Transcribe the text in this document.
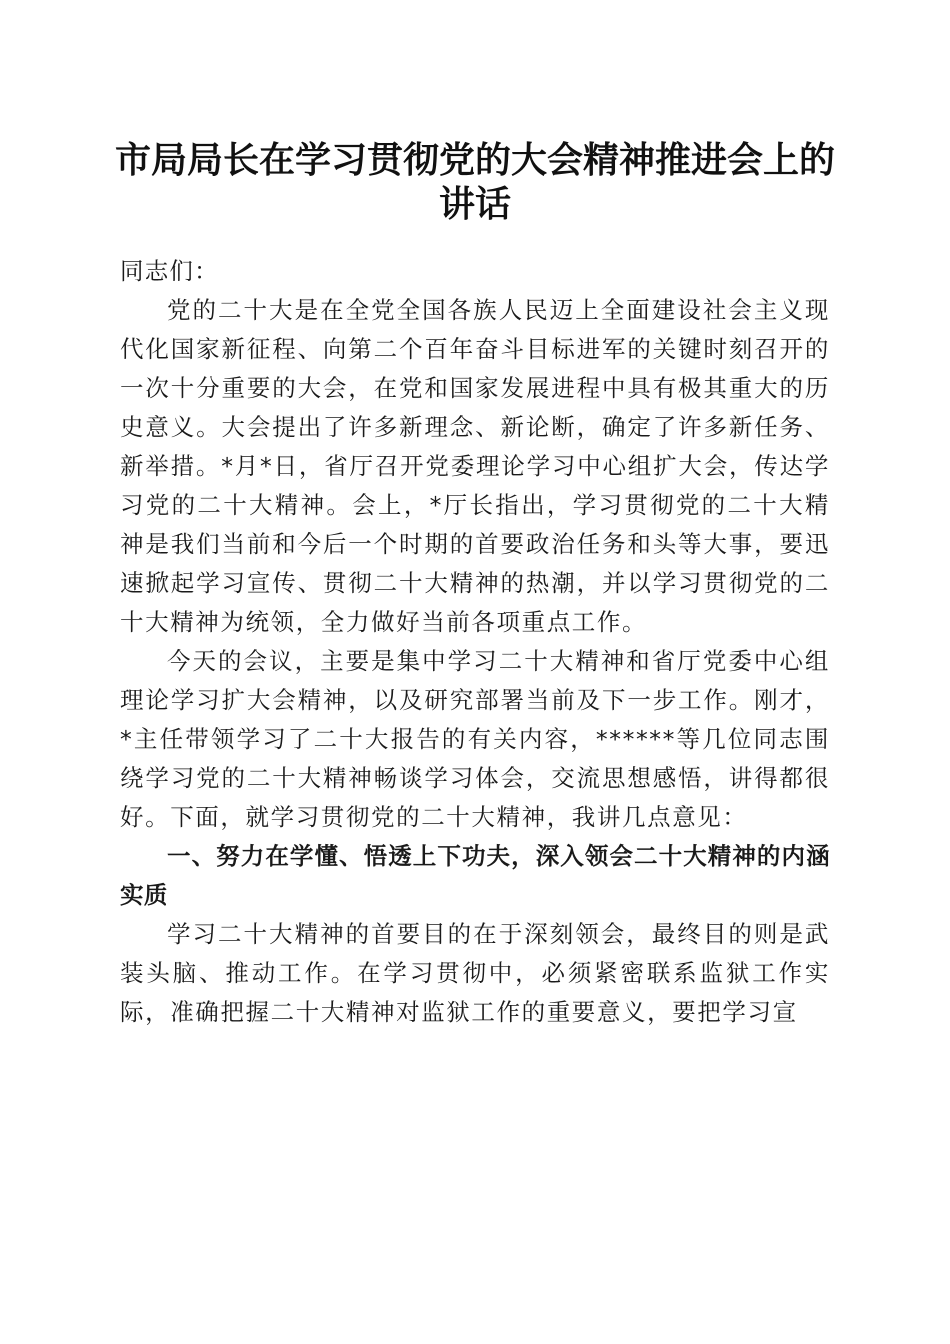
市局局长在学习贯彻党的大会精神推进会上的讲话

同志们：

党的二十大是在全党全国各族人民迈上全面建设社会主义现代化国家新征程、向第二个百年奋斗目标进军的关键时刻召开的一次十分重要的大会，在党和国家发展进程中具有极其重大的历史意义。大会提出了许多新理念、新论断，确定了许多新任务、新举措。*月*日，省厅召开党委理论学习中心组扩大会，传达学习党的二十大精神。会上，*厅长指出，学习贯彻党的二十大精神是我们当前和今后一个时期的首要政治任务和头等大事，要迅速掀起学习宣传、贯彻二十大精神的热潮，并以学习贯彻党的二十大精神为统领，全力做好当前各项重点工作。

今天的会议，主要是集中学习二十大精神和省厅党委中心组理论学习扩大会精神，以及研究部署当前及下一步工作。刚才，*主任带领学习了二十大报告的有关内容，******等几位同志围绕学习党的二十大精神畅谈学习体会，交流思想感悟，讲得都很好。下面，就学习贯彻党的二十大精神，我讲几点意见：

一、努力在学懂、悟透上下功夫，深入领会二十大精神的内涵实质

学习二十大精神的首要目的在于深刻领会，最终目的则是武装头脑、推动工作。在学习贯彻中，必须紧密联系监狱工作实际，准确把握二十大精神对监狱工作的重要意义，要把学习宣
